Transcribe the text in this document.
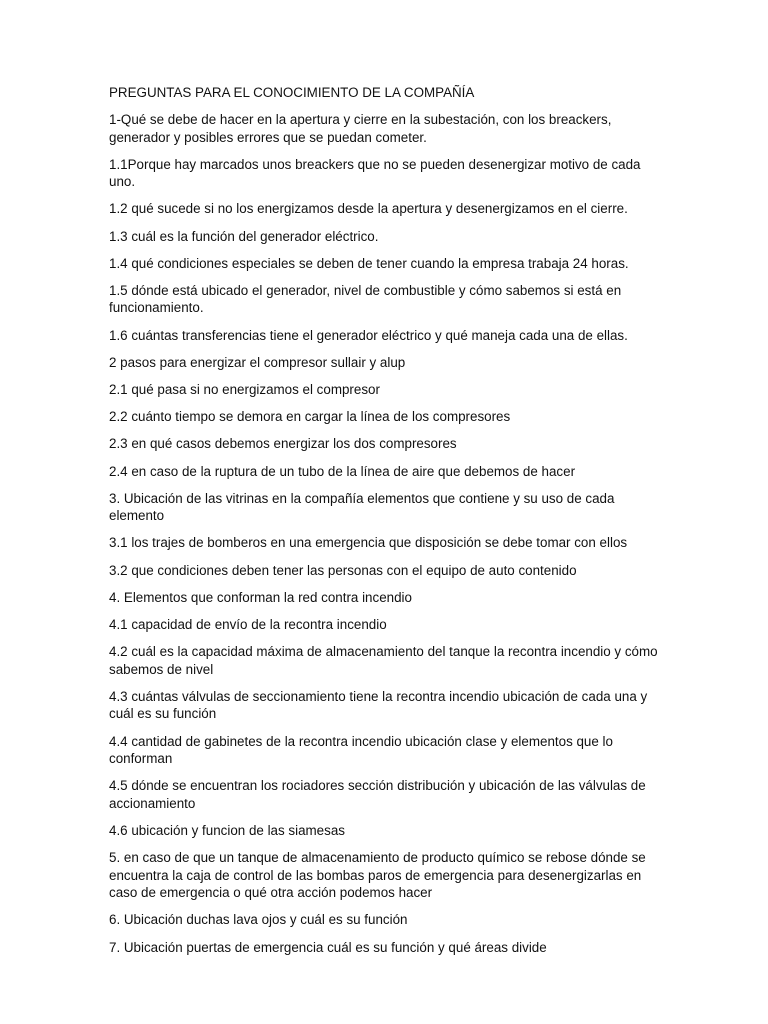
PREGUNTAS PARA EL CONOCIMIENTO DE LA COMPAÑÍA
1-Qué se debe de hacer en la apertura y cierre en la subestación, con los breackers, generador y posibles errores que se puedan cometer.
1.1Porque hay marcados unos breackers que no se pueden desenergizar motivo de cada uno.
1.2 qué sucede si no los energizamos desde la apertura y desenergizamos en el cierre.
1.3 cuál es la función del generador eléctrico.
1.4 qué condiciones especiales se deben de tener cuando la empresa trabaja 24 horas.
1.5 dónde está ubicado el generador, nivel de combustible y cómo sabemos si está en funcionamiento.
1.6 cuántas transferencias tiene el generador eléctrico y qué maneja cada una de ellas.
2 pasos para energizar el compresor sullair y alup
2.1 qué pasa si no energizamos el compresor
2.2 cuánto tiempo se demora en cargar la línea de los compresores
2.3 en qué casos debemos energizar los dos compresores
2.4 en caso de la ruptura de un tubo de la línea de aire que debemos de hacer
3. Ubicación de las vitrinas en la compañía elementos que contiene y su uso de cada elemento
3.1 los trajes de bomberos en una emergencia que disposición se debe tomar con ellos
3.2 que condiciones deben tener las personas con el equipo de auto contenido
4. Elementos que conforman la red contra incendio
4.1 capacidad de envío de la recontra incendio
4.2 cuál es la capacidad máxima de almacenamiento del tanque la recontra incendio y cómo sabemos de nivel
4.3 cuántas válvulas de seccionamiento tiene la recontra incendio ubicación de cada una y cuál es su función
4.4 cantidad de gabinetes de la recontra incendio ubicación clase y elementos que lo conforman
4.5 dónde se encuentran los rociadores sección distribución y ubicación de las válvulas de accionamiento
4.6 ubicación y funcion de las siamesas
5. en caso de que un tanque de almacenamiento de producto químico se rebose dónde se encuentra la caja de control de las bombas paros de emergencia para desenergizarlas en caso de emergencia o qué otra acción podemos hacer
6. Ubicación duchas lava ojos y cuál es su función
7. Ubicación puertas de emergencia cuál es su función y qué áreas divide
